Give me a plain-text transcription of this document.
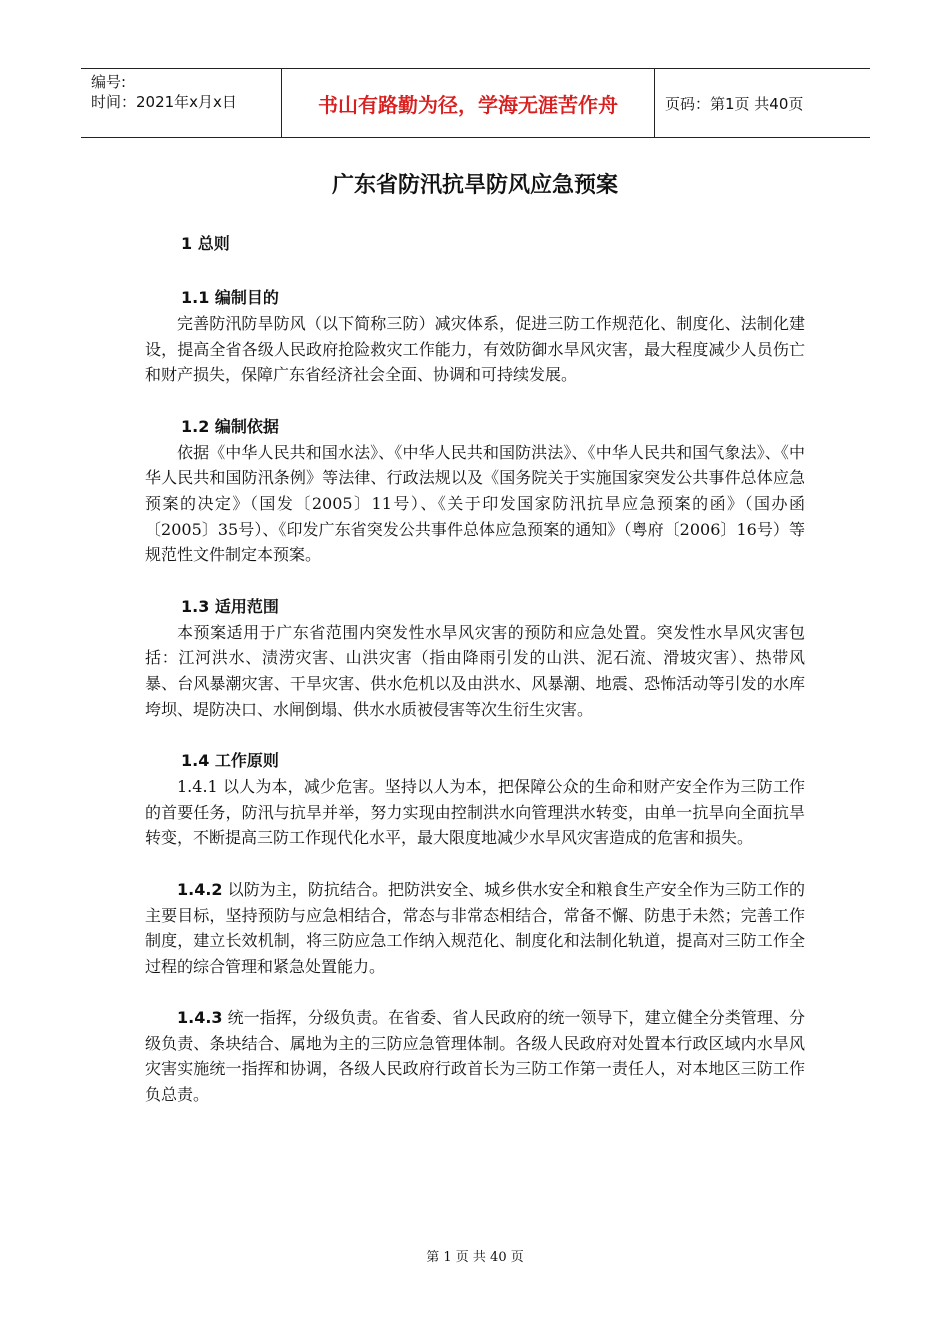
编号:
时间：2021年x月x日	书山有路勤为径，学海无涯苦作舟	页码：第1页 共40页
广东省防汛抗旱防风应急预案
1 总则
1.1 编制目的

完善防汛防旱防风（以下简称三防）减灾体系，促进三防工作规范化、制度化、法制化建设，提高全省各级人民政府抢险救灾工作能力，有效防御水旱风灾害，最大程度减少人员伤亡和财产损失，保障广东省经济社会全面、协调和可持续发展。

1.2 编制依据

依据《中华人民共和国水法》、《中华人民共和国防洪法》、《中华人民共和国气象法》、《中华人民共和国防汛条例》等法律、行政法规以及《国务院关于实施国家突发公共事件总体应急预案的决定》（国发〔2005〕11号）、《关于印发国家防汛抗旱应急预案的函》（国办函〔2005〕35号）、《印发广东省突发公共事件总体应急预案的通知》（粤府〔2006〕16号）等规范性文件制定本预案。

1.3 适用范围

本预案适用于广东省范围内突发性水旱风灾害的预防和应急处置。突发性水旱风灾害包括：江河洪水、渍涝灾害、山洪灾害（指由降雨引发的山洪、泥石流、滑坡灾害）、热带风暴、台风暴潮灾害、干旱灾害、供水危机以及由洪水、风暴潮、地震、恐怖活动等引发的水库垮坝、堤防决口、水闸倒塌、供水水质被侵害等次生衍生灾害。

1.4 工作原则

1.4.1 以人为本，减少危害。坚持以人为本，把保障公众的生命和财产安全作为三防工作的首要任务，防汛与抗旱并举，努力实现由控制洪水向管理洪水转变，由单一抗旱向全面抗旱转变，不断提高三防工作现代化水平，最大限度地减少水旱风灾害造成的危害和损失。

1.4.2 以防为主，防抗结合。把防洪安全、城乡供水安全和粮食生产安全作为三防工作的主要目标，坚持预防与应急相结合，常态与非常态相结合，常备不懈、防患于未然；完善工作制度，建立长效机制，将三防应急工作纳入规范化、制度化和法制化轨道，提高对三防工作全过程的综合管理和紧急处置能力。

1.4.3 统一指挥，分级负责。在省委、省人民政府的统一领导下，建立健全分类管理、分级负责、条块结合、属地为主的三防应急管理体制。各级人民政府对处置本行政区域内水旱风灾害实施统一指挥和协调，各级人民政府行政首长为三防工作第一责任人，对本地区三防工作负总责。

第 1 页 共 40 页
